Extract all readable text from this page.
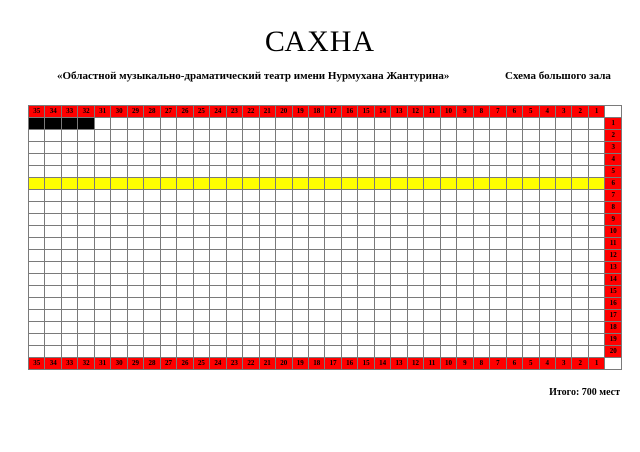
САХНА
«Областной музыкально-драматический театр имени Нурмухана Жантурина»	Схема большого зала
35	34	33	32	31	30	29	28	27	26	25	24	23	22	21	20	19	18	17	16	15	14	13	12	11	10	9	8	7	6	5	4	3	2	1	
																																			1
																																			2
																																			3
																																			4
																																			5
																																			6
																																			7
																																			8
																																			9
																																			10
																																			11
																																			12
																																			13
																																			14
																																			15
																																			16
																																			17
																																			18
																																			19
																																			20
35	34	33	32	31	30	29	28	27	26	25	24	23	22	21	20	19	18	17	16	15	14	13	12	11	10	9	8	7	6	5	4	3	2	1	
Итого: 700 мест
